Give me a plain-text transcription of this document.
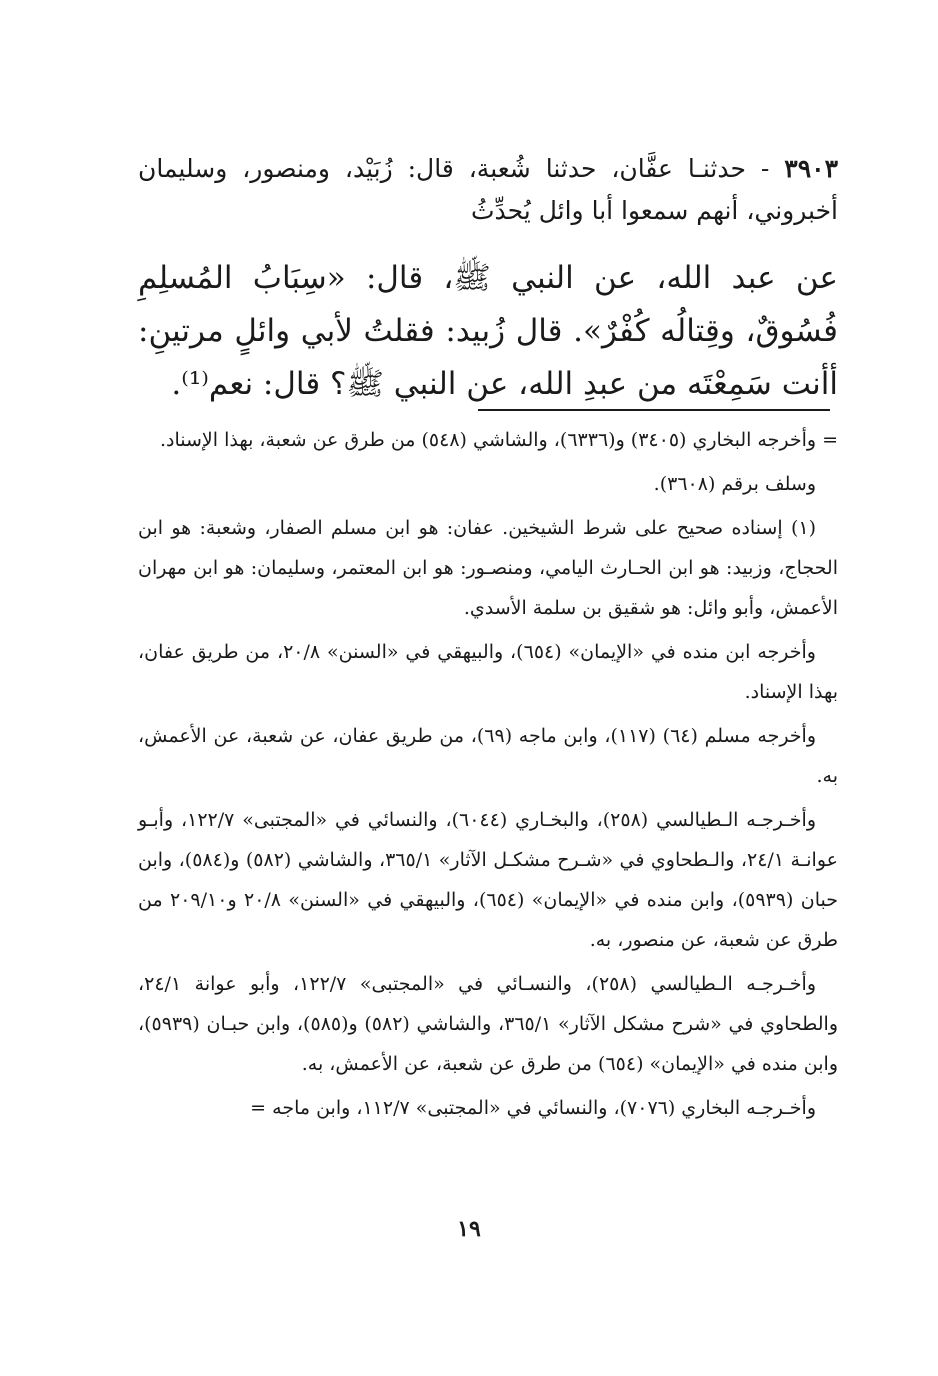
٣٩٠٣ - حدثنـا عفَّان، حدثنا شُعبة، قال: زُبَيْد، ومنصور، وسليمان أخبروني، أنهم سمعوا أبا وائل يُحدِّثُ
عن عبد الله، عن النبي ﷺ، قال: «سِبَابُ المُسلِمِ فُسُوقٌ، وقِتالُه كُفْرٌ». قال زُبيد: فقلتُ لأبي وائلٍ مرتينِ: أأنت سَمِعْتَه من عبدِ الله، عن النبي ﷺ؟ قال: نعم⁽¹⁾.

= وأخرجه البخاري (٣٤٠٥) و(٦٣٣٦)، والشاشي (٥٤٨) من طرق عن شعبة، بهذا الإسناد.

وسلف برقم (٣٦٠٨).

(١) إسناده صحيح على شرط الشيخين. عفان: هو ابن مسلم الصفار، وشعبة: هو ابن الحجاج، وزبيد: هو ابن الحـارث اليامي، ومنصـور: هو ابن المعتمر، وسليمان: هو ابن مهران الأعمش، وأبو وائل: هو شقيق بن سلمة الأسدي.

وأخرجه ابن منده في «الإيمان» (٦٥٤)، والبيهقي في «السنن» ٢٠/٨، من طريق عفان، بهذا الإسناد.

وأخرجه مسلم (٦٤) (١١٧)، وابن ماجه (٦٩)، من طريق عفان، عن شعبة، عن الأعمش، به.

وأخـرجـه الـطيالسي (٢٥٨)، والبخـاري (٦٠٤٤)، والنسائي في «المجتبى» ١٢٢/٧، وأبـو عوانـة ٢٤/١، والـطحاوي في «شـرح مشكـل الآثار» ٣٦٥/١، والشاشي (٥٨٢) و(٥٨٤)، وابن حبان (٥٩٣٩)، وابن منده في «الإيمان» (٦٥٤)، والبيهقي في «السنن» ٢٠/٨ و٢٠٩/١٠ من طرق عن شعبة، عن منصور، به.

وأخـرجـه الـطيالسي (٢٥٨)، والنسـائي في «المجتبى» ١٢٢/٧، وأبو عوانة ٢٤/١، والطحاوي في «شرح مشكل الآثار» ٣٦٥/١، والشاشي (٥٨٢) و(٥٨٥)، وابن حبـان (٥٩٣٩)، وابن منده في «الإيمان» (٦٥٤) من طرق عن شعبة، عن الأعمش، به.

وأخـرجـه البخاري (٧٠٧٦)، والنسائي في «المجتبى» ١١٢/٧، وابن ماجه =

١٩
